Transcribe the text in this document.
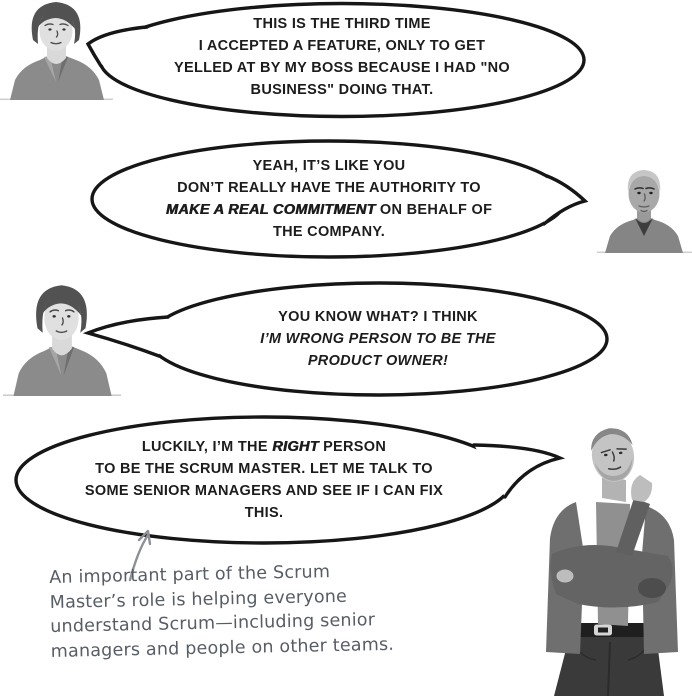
THIS IS THE THIRD TIME
I ACCEPTED A FEATURE, ONLY TO GET
YELLED AT BY MY BOSS BECAUSE I HAD "NO
BUSINESS" DOING THAT.
YEAH, IT’S LIKE YOU
DON’T REALLY HAVE THE AUTHORITY TO
MAKE A REAL COMMITMENT ON BEHALF OF
THE COMPANY.
YOU KNOW WHAT? I THINK
I’M WRONG PERSON TO BE THE
PRODUCT OWNER!
LUCKILY, I’M THE RIGHT PERSON
TO BE THE SCRUM MASTER. LET ME TALK TO
SOME SENIOR MANAGERS AND SEE IF I CAN FIX
THIS.
An important part of the Scrum
Master’s role is helping everyone
understand Scrum—including senior
managers and people on other teams.
